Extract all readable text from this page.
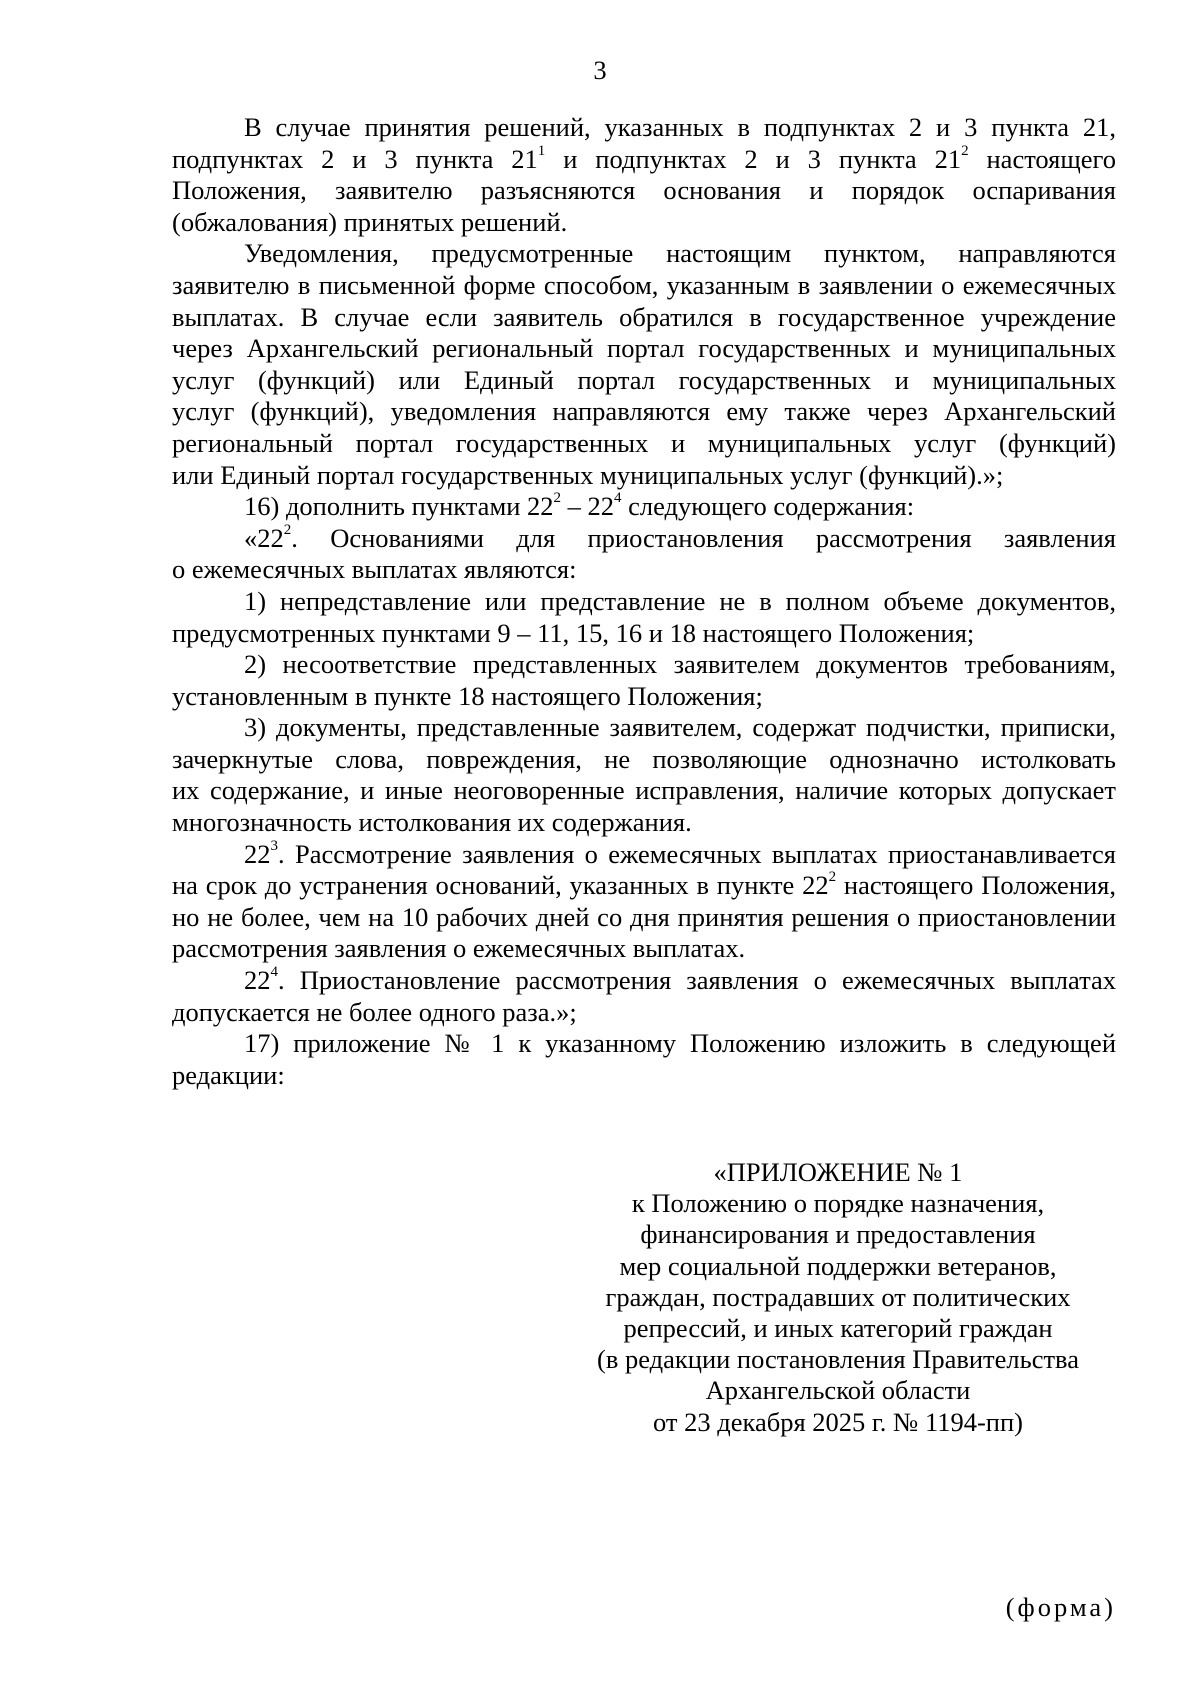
3
В случае принятия решений, указанных в подпунктах 2 и 3 пункта 21,
подпунктах 2 и 3 пункта $21^1$ и подпунктах 2 и 3 пункта $21^2$ настоящего
Положения, заявителю разъясняются основания и порядок оспаривания
(обжалования) принятых решений.
Уведомления, предусмотренные настоящим пунктом, направляются
заявителю в письменной форме способом, указанным в заявлении о ежемесячных
выплатах. В случае если заявитель обратился в государственное учреждение
через Архангельский региональный портал государственных и муниципальных
услуг (функций) или Единый портал государственных и муниципальных
услуг (функций), уведомления направляются ему также через Архангельский
региональный портал государственных и муниципальных услуг (функций)
или Единый портал государственных муниципальных услуг (функций).»;
16) дополнить пунктами $22^2 - 22^4$ следующего содержания:
«$22^2$. Основаниями для приостановления рассмотрения заявления
о ежемесячных выплатах являются:
1) непредставление или представление не в полном объеме документов,
предусмотренных пунктами 9 – 11, 15, 16 и 18 настоящего Положения;
2) несоответствие представленных заявителем документов требованиям,
установленным в пункте 18 настоящего Положения;
3) документы, представленные заявителем, содержат подчистки, приписки,
зачеркнутые слова, повреждения, не позволяющие однозначно истолковать
их содержание, и иные неоговоренные исправления, наличие которых допускает
многозначность истолкования их содержания.
$22^3$. Рассмотрение заявления о ежемесячных выплатах приостанавливается
на срок до устранения оснований, указанных в пункте $22^2$ настоящего Положения,
но не более, чем на 10 рабочих дней со дня принятия решения о приостановлении
рассмотрения заявления о ежемесячных выплатах.
$22^4$. Приостановление рассмотрения заявления о ежемесячных выплатах
допускается не более одного раза.»;
17) приложение № 1 к указанному Положению изложить в следующей
редакции:
«ПРИЛОЖЕНИЕ № 1
к Положению о порядке назначения,
финансирования и предоставления
мер социальной поддержки ветеранов,
граждан, пострадавших от политических
репрессий, и иных категорий граждан
(в редакции постановления Правительства
Архангельской области
от 23 декабря 2025 г. № 1194-пп)
(форма)
